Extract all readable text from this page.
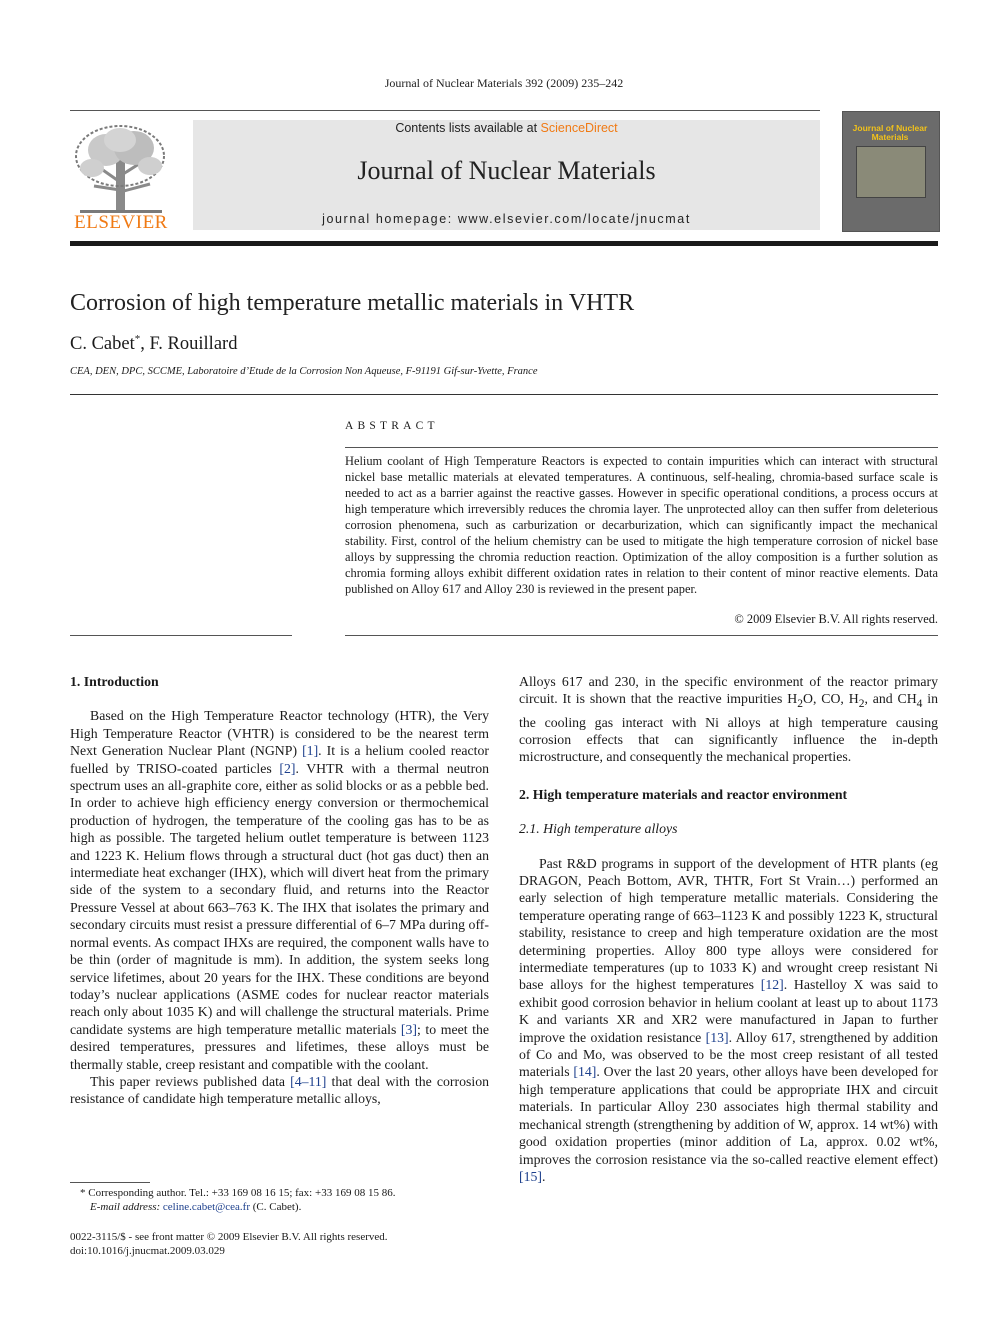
Journal of Nuclear Materials 392 (2009) 235–242
ELSEVIER
Contents lists available at ScienceDirect
Journal of Nuclear Materials
journal homepage: www.elsevier.com/locate/jnucmat
Journal of Nuclear Materials
Corrosion of high temperature metallic materials in VHTR
C. Cabet*, F. Rouillard
CEA, DEN, DPC, SCCME, Laboratoire d’Etude de la Corrosion Non Aqueuse, F-91191 Gif-sur-Yvette, France
ABSTRACT
Helium coolant of High Temperature Reactors is expected to contain impurities which can interact with structural nickel base metallic materials at elevated temperatures. A continuous, self-healing, chromia-based surface scale is needed to act as a barrier against the reactive gasses. However in specific operational conditions, a process occurs at high temperature which irreversibly reduces the chromia layer. The unprotected alloy can then suffer from deleterious corrosion phenomena, such as carburization or decarburization, which can significantly impact the mechanical stability. First, control of the helium chemistry can be used to mitigate the high temperature corrosion of nickel base alloys by suppressing the chromia reduction reaction. Optimization of the alloy composition is a further solution as chromia forming alloys exhibit different oxidation rates in relation to their content of minor reactive elements. Data published on Alloy 617 and Alloy 230 is reviewed in the present paper.
© 2009 Elsevier B.V. All rights reserved.
1. Introduction

Based on the High Temperature Reactor technology (HTR), the Very High Temperature Reactor (VHTR) is considered to be the nearest term Next Generation Nuclear Plant (NGNP) [1]. It is a helium cooled reactor fuelled by TRISO-coated particles [2]. VHTR with a thermal neutron spectrum uses an all-graphite core, either as solid blocks or as a pebble bed. In order to achieve high efficiency energy conversion or thermochemical production of hydrogen, the temperature of the cooling gas has to be as high as possible. The targeted helium outlet temperature is between 1123 and 1223 K. Helium flows through a structural duct (hot gas duct) then an intermediate heat exchanger (IHX), which will divert heat from the primary side of the system to a secondary fluid, and returns into the Reactor Pressure Vessel at about 663–763 K. The IHX that isolates the primary and secondary circuits must resist a pressure differential of 6–7 MPa during off-normal events. As compact IHXs are required, the component walls have to be thin (order of magnitude is mm). In addition, the system seeks long service lifetimes, about 20 years for the IHX. These conditions are beyond today’s nuclear applications (ASME codes for nuclear reactor materials reach only about 1035 K) and will challenge the structural materials. Prime candidate systems are high temperature metallic materials [3]; to meet the desired temperatures, pressures and lifetimes, these alloys must be thermally stable, creep resistant and compatible with the coolant.

This paper reviews published data [4–11] that deal with the corrosion resistance of candidate high temperature metallic alloys,

* Corresponding author. Tel.: +33 169 08 16 15; fax: +33 169 08 15 86.
E-mail address: celine.cabet@cea.fr (C. Cabet).
0022-3115/$ - see front matter © 2009 Elsevier B.V. All rights reserved.
doi:10.1016/j.jnucmat.2009.03.029

Alloys 617 and 230, in the specific environment of the reactor primary circuit. It is shown that the reactive impurities $H_2O$, CO, $H_2$, and $CH_4$ in the cooling gas interact with Ni alloys at high temperature causing corrosion effects that can significantly influence the in-depth microstructure, and consequently the mechanical properties.

2. High temperature materials and reactor environment
2.1. High temperature alloys

Past R&D programs in support of the development of HTR plants (eg DRAGON, Peach Bottom, AVR, THTR, Fort St Vrain…) performed an early selection of high temperature metallic materials. Considering the temperature operating range of 663–1123 K and possibly 1223 K, structural stability, resistance to creep and high temperature oxidation are the most determining properties. Alloy 800 type alloys were considered for intermediate temperatures (up to 1033 K) and wrought creep resistant Ni base alloys for the highest temperatures [12]. Hastelloy X was said to exhibit good corrosion behavior in helium coolant at least up to about 1173 K and variants XR and XR2 were manufactured in Japan to further improve the oxidation resistance [13]. Alloy 617, strengthened by addition of Co and Mo, was observed to be the most creep resistant of all tested materials [14]. Over the last 20 years, other alloys have been developed for high temperature applications that could be appropriate IHX and circuit materials. In particular Alloy 230 associates high thermal stability and mechanical strength (strengthening by addition of W, approx. 14 wt%) with good oxidation properties (minor addition of La, approx. 0.02 wt%, improves the corrosion resistance via the so-called reactive element effect) [15].
